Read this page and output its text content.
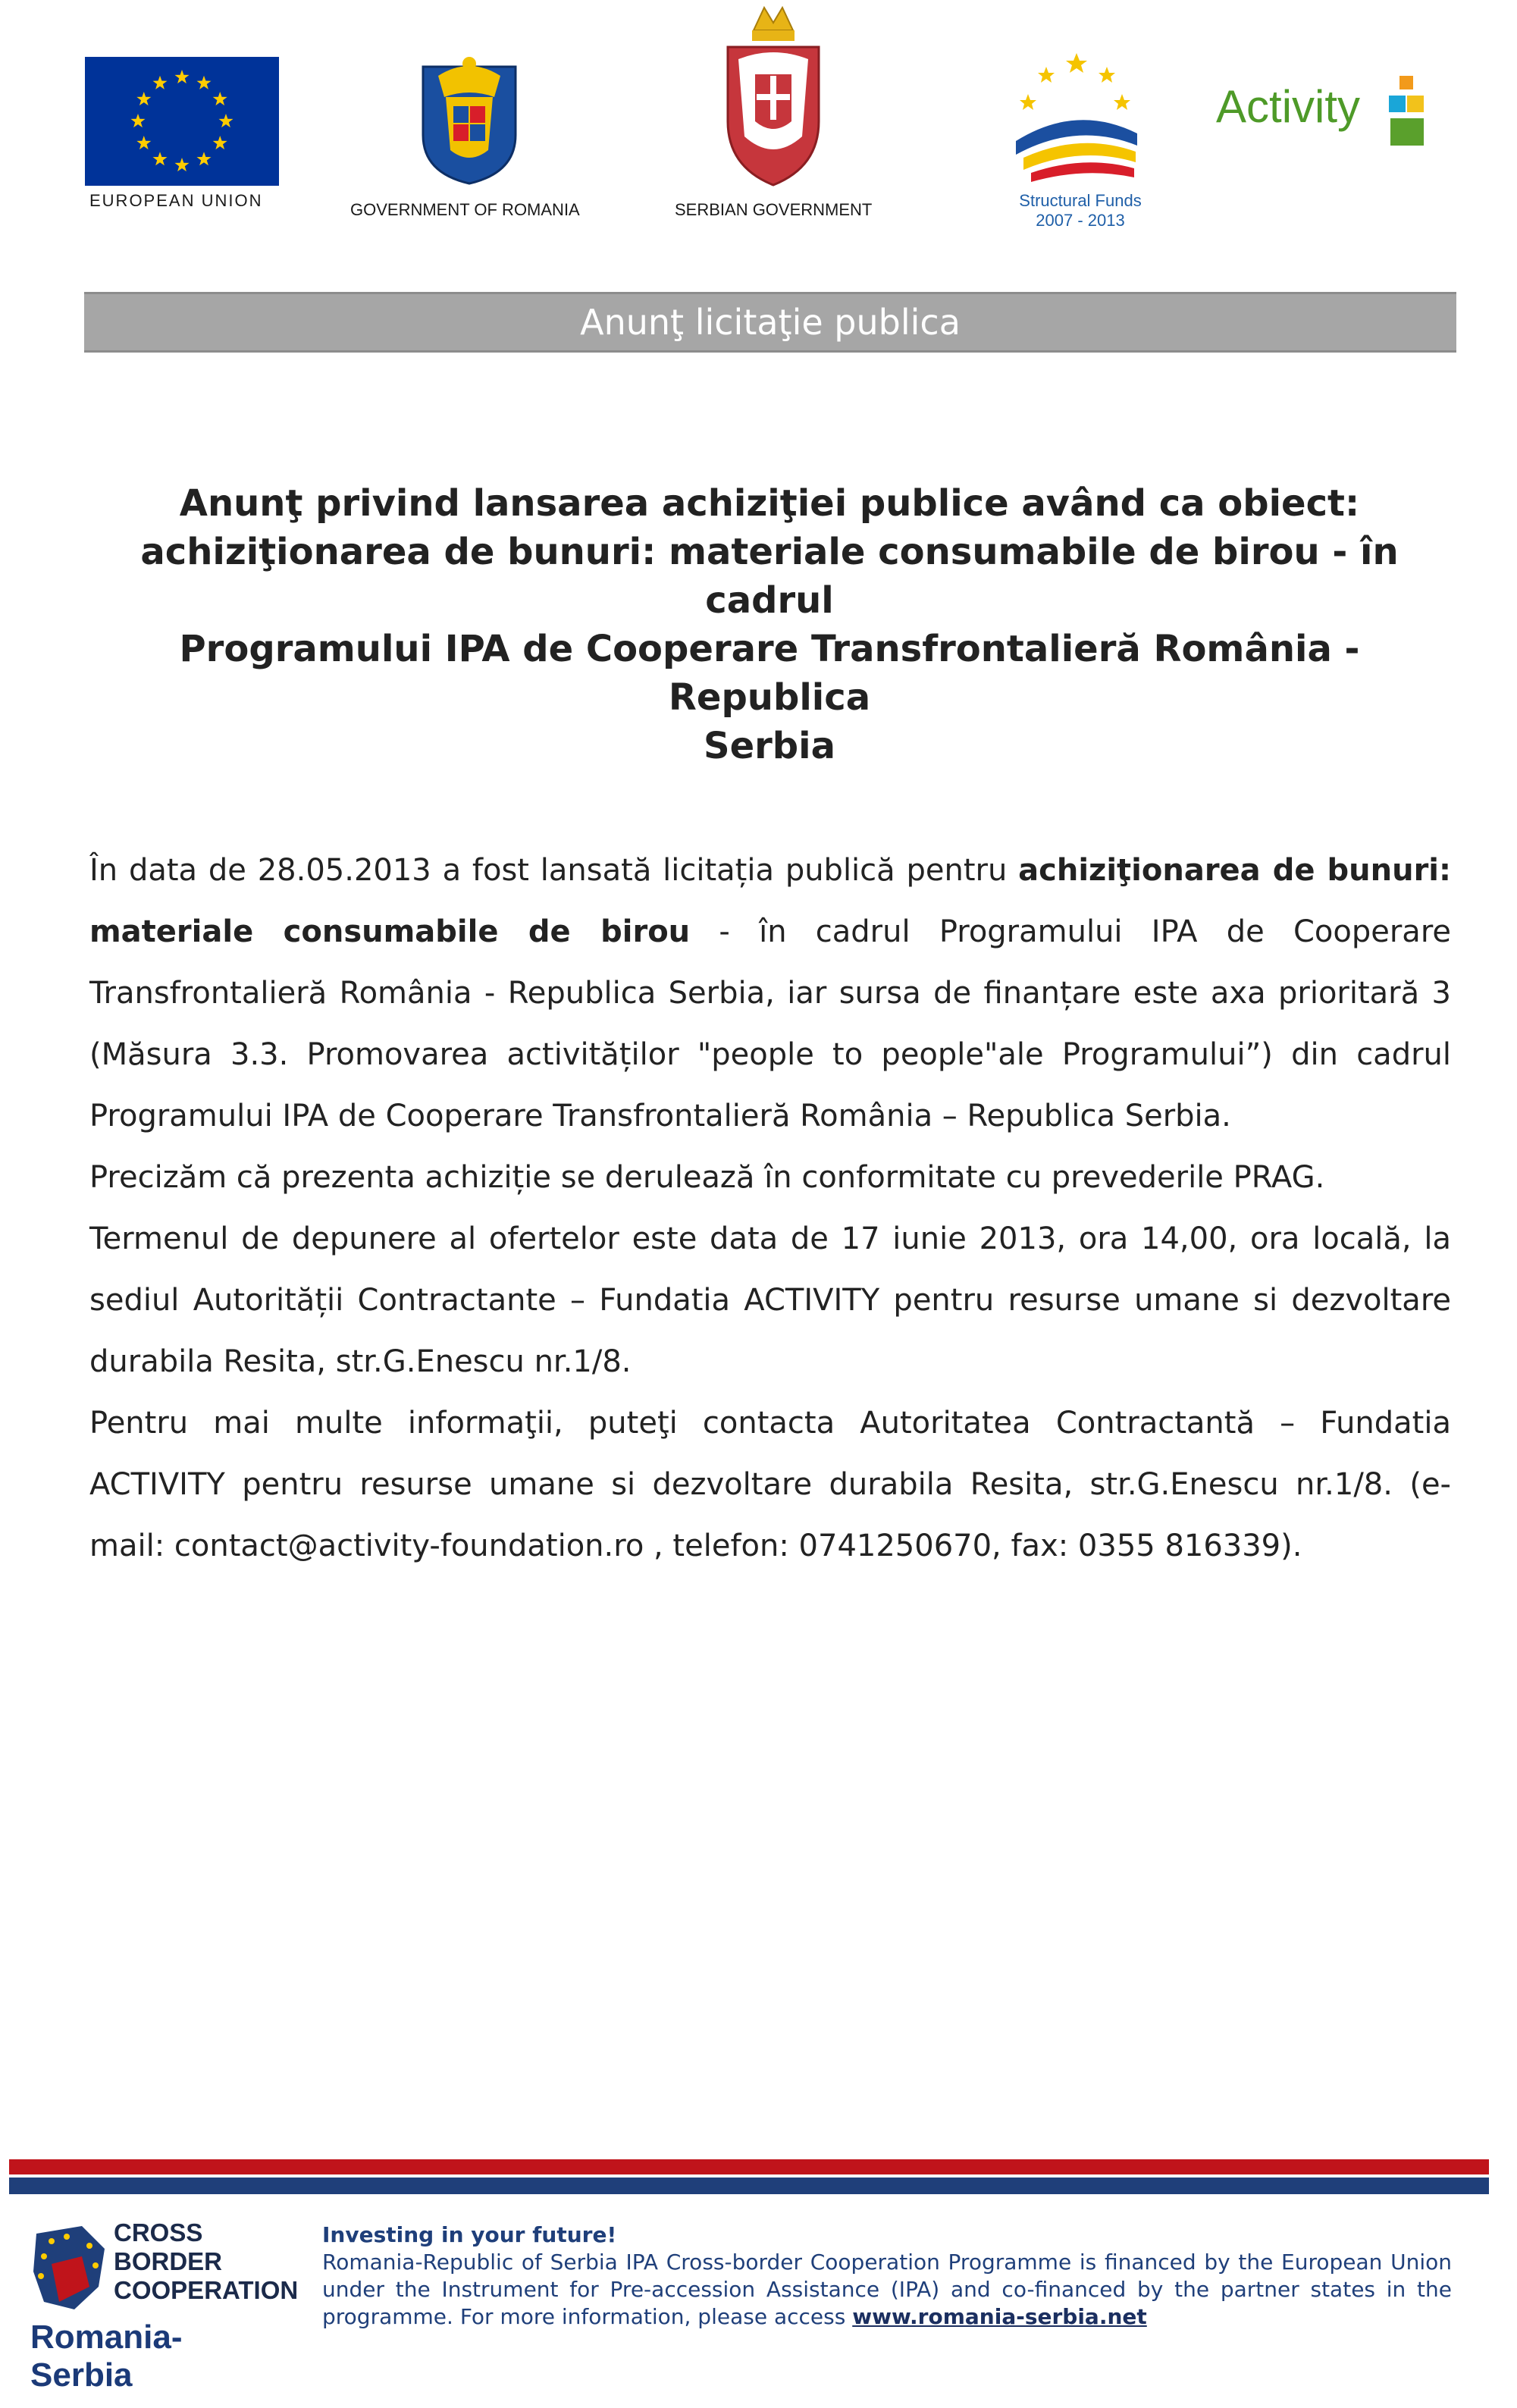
EUROPEAN UNION	GOVERNMENT OF ROMANIA	SERBIAN GOVERNMENT	Structural Funds
2007 - 2013
Activity
Anunţ licitaţie publica
Anunţ privind lansarea achiziţiei publice având ca obiect:
achiziţionarea de bunuri: materiale consumabile de birou - în cadrul
Programului IPA de Cooperare Transfrontalieră România - Republica
Serbia

În data de 28.05.2013 a fost lansată licitația publică pentru achiziţionarea de bunuri: materiale consumabile de birou - în cadrul Programului IPA de Cooperare Transfrontalieră România - Republica Serbia, iar sursa de finanțare este axa prioritară 3 (Măsura 3.3. Promovarea activităților "people to people"ale Programului”) din cadrul Programului IPA de Cooperare Transfrontalieră România – Republica Serbia.

Precizăm că prezenta achiziție se derulează în conformitate cu prevederile PRAG.

Termenul de depunere al ofertelor este data de 17 iunie 2013, ora 14,00, ora locală, la sediul Autorității Contractante – Fundatia ACTIVITY pentru resurse umane si dezvoltare durabila Resita, str.G.Enescu nr.1/8.

Pentru mai multe informaţii, puteţi contacta Autoritatea Contractantă – Fundatia ACTIVITY pentru resurse umane si dezvoltare durabila Resita, str.G.Enescu nr.1/8. (e-mail: contact@activity-foundation.ro , telefon: 0741250670, fax: 0355 816339).

CROSS
BORDER
COOPERATION
Romania-Serbia
Investing in your future!
Romania-Republic of Serbia IPA Cross-border Cooperation Programme is financed by the European Union under the Instrument for Pre-accession Assistance (IPA) and co-financed by the partner states in the programme. For more information, please access www.romania-serbia.net
